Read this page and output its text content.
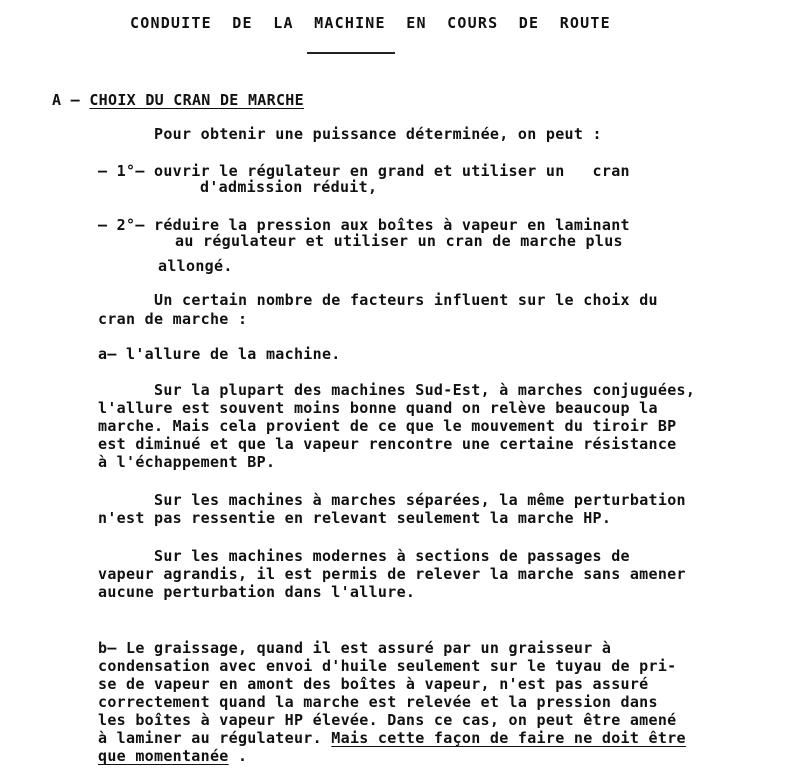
CONDUITE  DE  LA  MACHINE  EN  COURS  DE  ROUTE
A – CHOIX DU CRAN DE MARCHE
Pour obtenir une puissance déterminée, on peut :
– 1°– ouvrir le régulateur en grand et utiliser un   cran
d'admission réduit,
– 2°– réduire la pression aux boîtes à vapeur en laminant
au régulateur et utiliser un cran de marche plus
allongé.
Un certain nombre de facteurs influent sur le choix du
cran de marche :
a– l'allure de la machine.
Sur la plupart des machines Sud-Est, à marches conjuguées,
l'allure est souvent moins bonne quand on relève beaucoup la
marche. Mais cela provient de ce que le mouvement du tiroir BP
est diminué et que la vapeur rencontre une certaine résistance
à l'échappement BP.
Sur les machines à marches séparées, la même perturbation
n'est pas ressentie en relevant seulement la marche HP.
Sur les machines modernes à sections de passages de
vapeur agrandis, il est permis de relever la marche sans amener
aucune perturbation dans l'allure.
b– Le graissage, quand il est assuré par un graisseur à
condensation avec envoi d'huile seulement sur le tuyau de pri-
se de vapeur en amont des boîtes à vapeur, n'est pas assuré
correctement quand la marche est relevée et la pression dans
les boîtes à vapeur HP élevée. Dans ce cas, on peut être amené
à laminer au régulateur. Mais cette façon de faire ne doit être
que momentanée .
